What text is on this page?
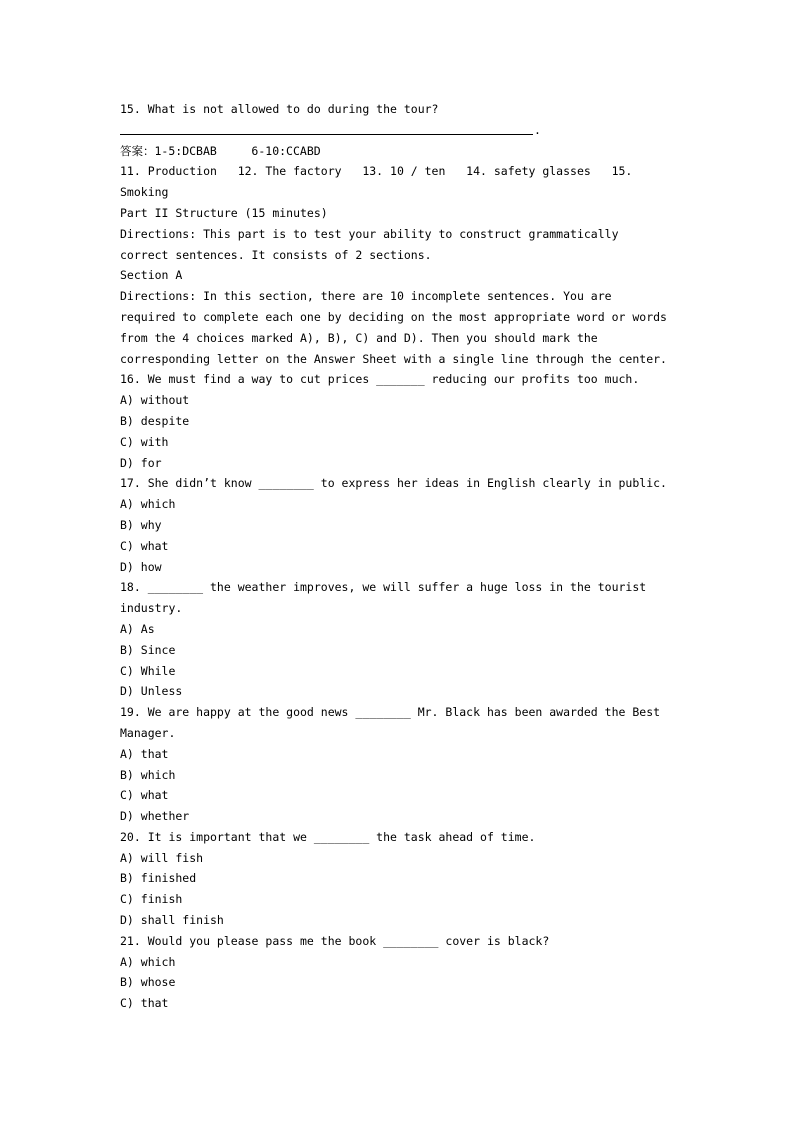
15. What is not allowed to do during the tour?
.
答案：1-5:DCBAB     6-10:CCABD
11. Production   12. The factory   13. 10 / ten   14. safety glasses   15.
Smoking
Part II Structure (15 minutes)
Directions: This part is to test your ability to construct grammatically
correct sentences. It consists of 2 sections.
Section A
Directions: In this section, there are 10 incomplete sentences. You are
required to complete each one by deciding on the most appropriate word or words
from the 4 choices marked A), B), C) and D). Then you should mark the
corresponding letter on the Answer Sheet with a single line through the center.
16. We must find a way to cut prices _______ reducing our profits too much.
A) without
B) despite
C) with
D) for
17. She didn’t know ________ to express her ideas in English clearly in public.
A) which
B) why
C) what
D) how
18. ________ the weather improves, we will suffer a huge loss in the tourist
industry.
A) As
B) Since
C) While
D) Unless
19. We are happy at the good news ________ Mr. Black has been awarded the Best
Manager.
A) that
B) which
C) what
D) whether
20. It is important that we ________ the task ahead of time.
A) will fish
B) finished
C) finish
D) shall finish
21. Would you please pass me the book ________ cover is black?
A) which
B) whose
C) that
